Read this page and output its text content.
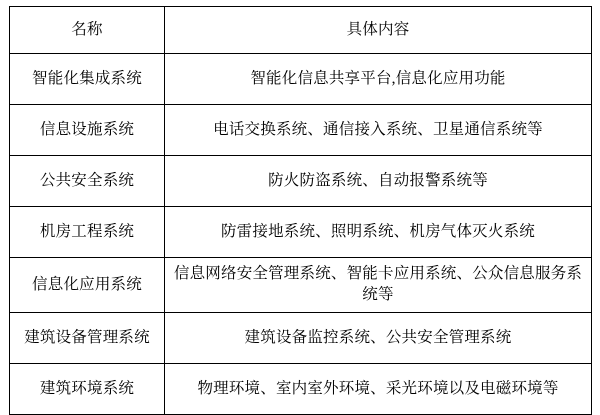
名称	具体内容
智能化集成系统	智能化信息共享平台,信息化应用功能
信息设施系统	电话交换系统、通信接入系统、卫星通信系统等
公共安全系统	防火防盗系统、自动报警系统等
机房工程系统	防雷接地系统、照明系统、机房气体灭火系统
信息化应用系统	信息网络安全管理系统、智能卡应用系统、公众信息服务系统等
建筑设备管理系统	建筑设备监控系统、公共安全管理系统
建筑环境系统	物理环境、室内室外环境、采光环境以及电磁环境等
